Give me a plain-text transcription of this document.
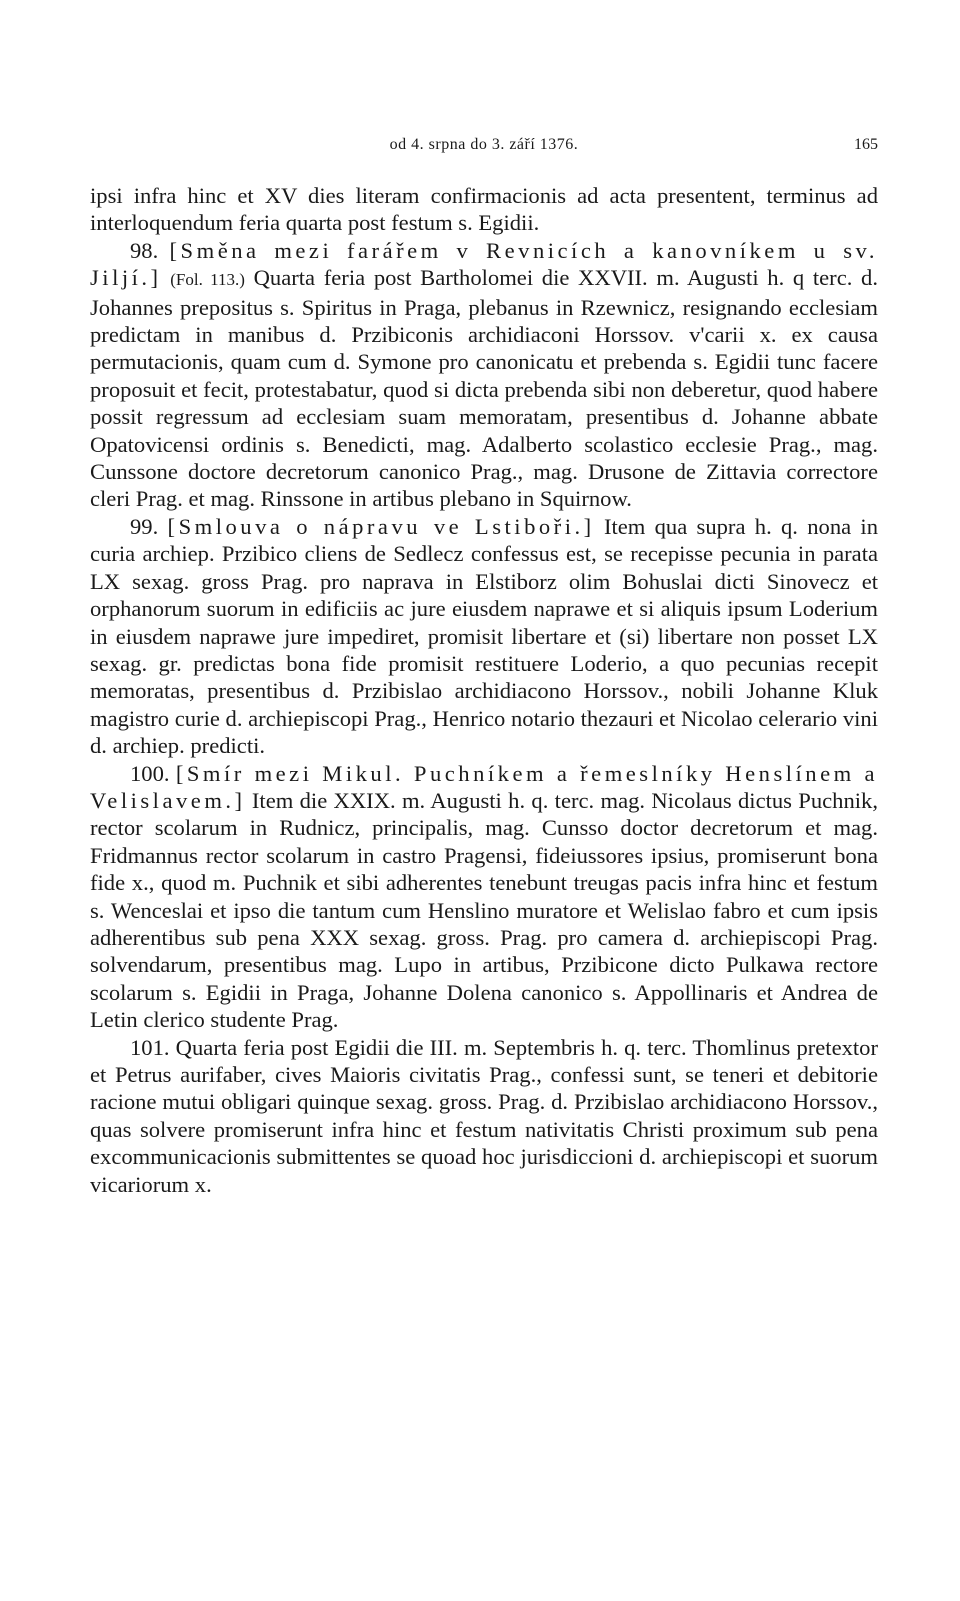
od 4. srpna do 3. září 1376.	165

ipsi infra hinc et XV dies literam confirmacionis ad acta presentent, terminus ad interloquendum feria quarta post festum s. Egidii.

98. [Směna mezi farářem v Revnicích a kanovníkem u sv. Jiljí.] (Fol. 113.) Quarta feria post Bartholomei die XXVII. m. Augusti h. q terc. d. Johannes prepositus s. Spiritus in Praga, plebanus in Rzewnicz, resignando ecclesiam predictam in manibus d. Przibiconis archidiaconi Horssov. v'carii x. ex causa permutacionis, quam cum d. Symone pro canonicatu et prebenda s. Egidii tunc facere proposuit et fecit, protestabatur, quod si dicta prebenda sibi non deberetur, quod habere possit regressum ad ecclesiam suam memoratam, presentibus d. Johanne abbate Opatovicensi ordinis s. Benedicti, mag. Adalberto scolastico ecclesie Prag., mag. Cunssone doctore decretorum canonico Prag., mag. Drusone de Zittavia correctore cleri Prag. et mag. Rinssone in artibus plebano in Squirnow.

99. [Smlouva o nápravu ve Lstiboři.] Item qua supra h. q. nona in curia archiep. Przibico cliens de Sedlecz confessus est, se recepisse pecunia in parata LX sexag. gross Prag. pro naprava in Elstiborz olim Bohuslai dicti Sinovecz et orphanorum suorum in edificiis ac jure eiusdem naprawe et si aliquis ipsum Loderium in eiusdem naprawe jure impediret, promisit libertare et (si) libertare non posset LX sexag. gr. predictas bona fide promisit restituere Loderio, a quo pecunias recepit memoratas, presentibus d. Przibislao archidiacono Horssov., nobili Johanne Kluk magistro curie d. archiepiscopi Prag., Henrico notario thezauri et Nicolao celerario vini d. archiep. predicti.

100. [Smír mezi Mikul. Puchníkem a řemeslníky Henslínem a Velislavem.] Item die XXIX. m. Augusti h. q. terc. mag. Nicolaus dictus Puchnik, rector scolarum in Rudnicz, principalis, mag. Cunsso doctor decretorum et mag. Fridmannus rector scolarum in castro Pragensi, fideiussores ipsius, promiserunt bona fide x., quod m. Puchnik et sibi adherentes tenebunt treugas pacis infra hinc et festum s. Wenceslai et ipso die tantum cum Henslino muratore et Welislao fabro et cum ipsis adherentibus sub pena XXX sexag. gross. Prag. pro camera d. archiepiscopi Prag. solvendarum, presentibus mag. Lupo in artibus, Przibicone dicto Pulkawa rectore scolarum s. Egidii in Praga, Johanne Dolena canonico s. Appollinaris et Andrea de Letin clerico studente Prag.

101. Quarta feria post Egidii die III. m. Septembris h. q. terc. Thomlinus pretextor et Petrus aurifaber, cives Maioris civitatis Prag., confessi sunt, se teneri et debitorie racione mutui obligari quinque sexag. gross. Prag. d. Przibislao archidiacono Horssov., quas solvere promiserunt infra hinc et festum nativitatis Christi proximum sub pena excommunicacionis submittentes se quoad hoc jurisdiccioni d. archiepiscopi et suorum vicariorum x.
